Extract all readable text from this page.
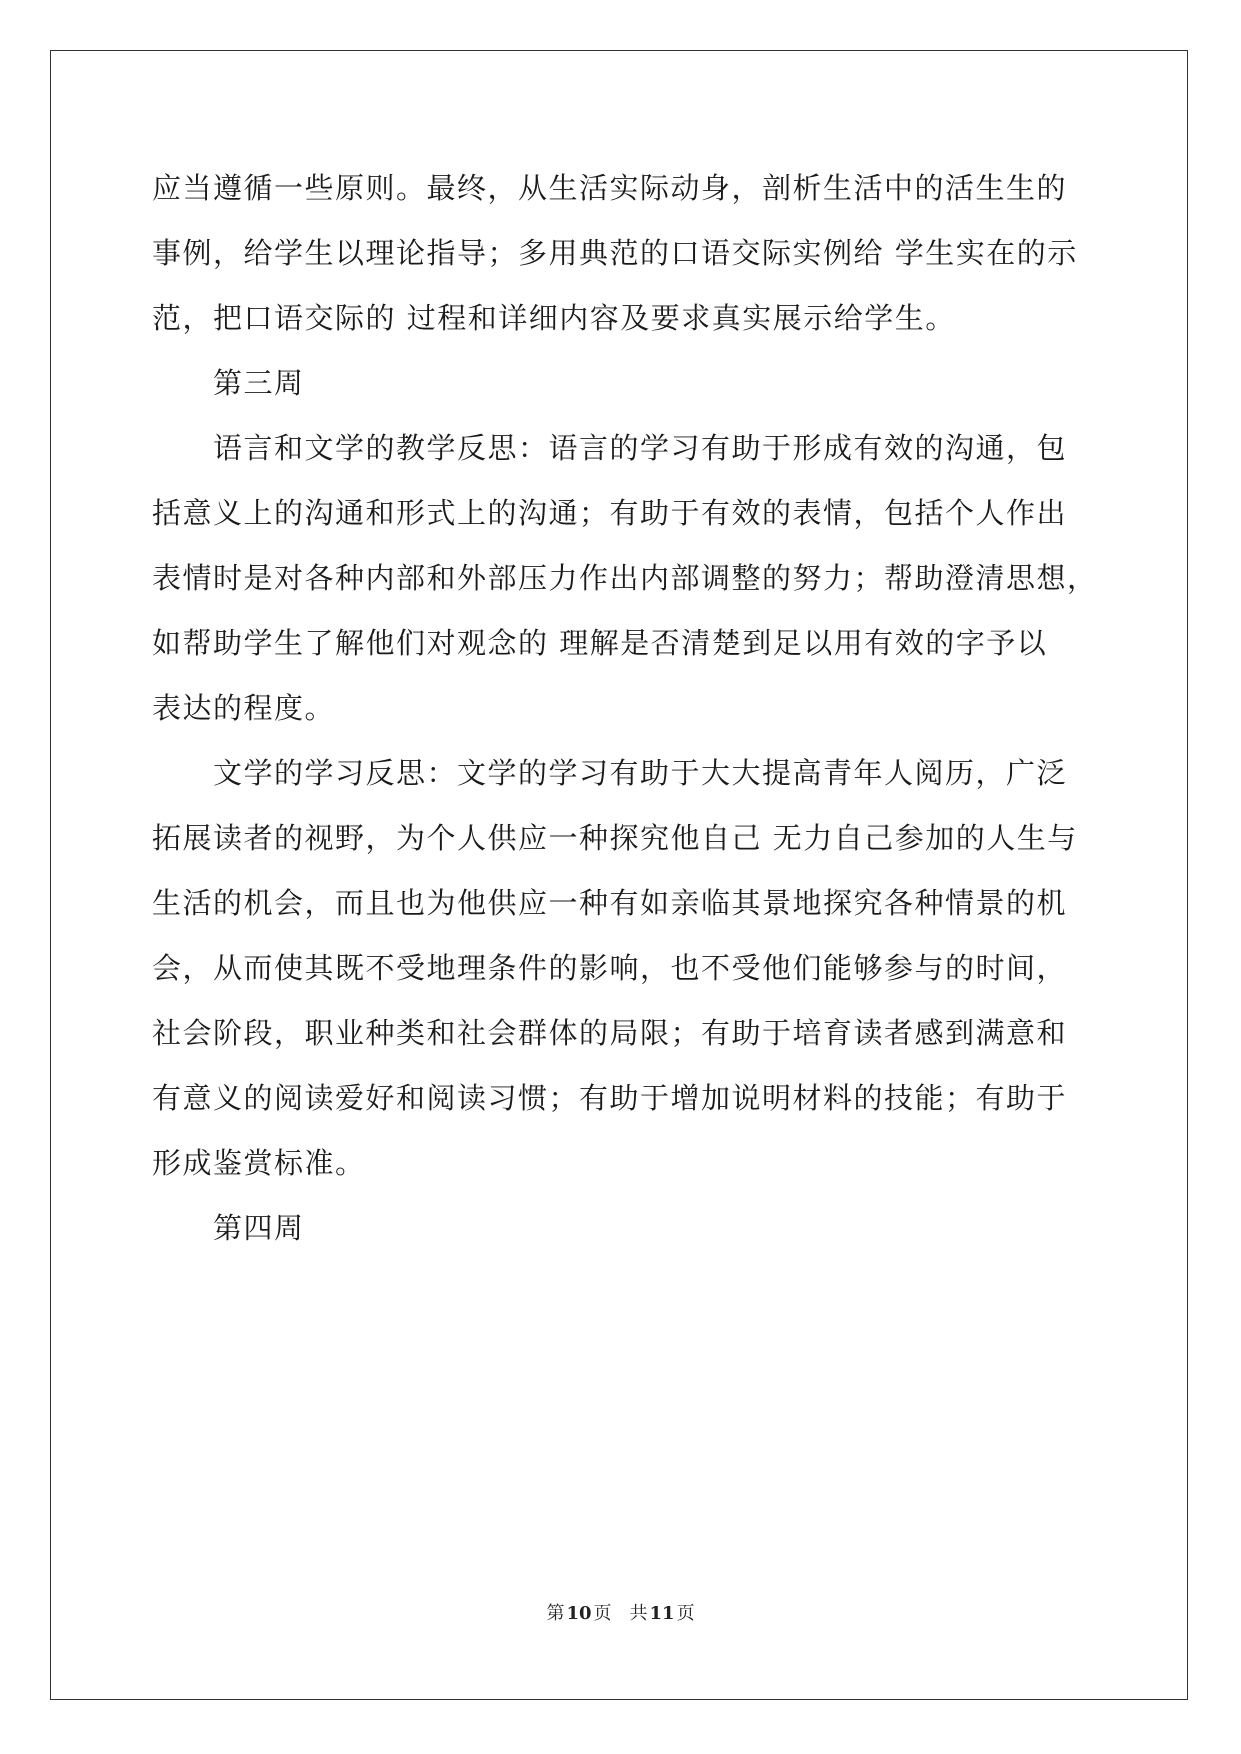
应当遵循一些原则。最终，从生活实际动身，剖析生活中的活生生的
事例，给学生以理论指导；多用典范的口语交际实例给 学生实在的示
范，把口语交际的 过程和详细内容及要求真实展示给学生。
第三周
语言和文学的教学反思：语言的学习有助于形成有效的沟通，包
括意义上的沟通和形式上的沟通；有助于有效的表情，包括个人作出
表情时是对各种内部和外部压力作出内部调整的努力；帮助澄清思想，
如帮助学生了解他们对观念的 理解是否清楚到足以用有效的字予以
表达的程度。
文学的学习反思：文学的学习有助于大大提高青年人阅历，广泛
拓展读者的视野，为个人供应一种探究他自己 无力自己参加的人生与
生活的机会，而且也为他供应一种有如亲临其景地探究各种情景的机
会，从而使其既不受地理条件的影响，也不受他们能够参与的时间，
社会阶段，职业种类和社会群体的局限；有助于培育读者感到满意和
有意义的阅读爱好和阅读习惯；有助于增加说明材料的技能；有助于
形成鉴赏标准。
第四周
第 10 页 共 11 页
